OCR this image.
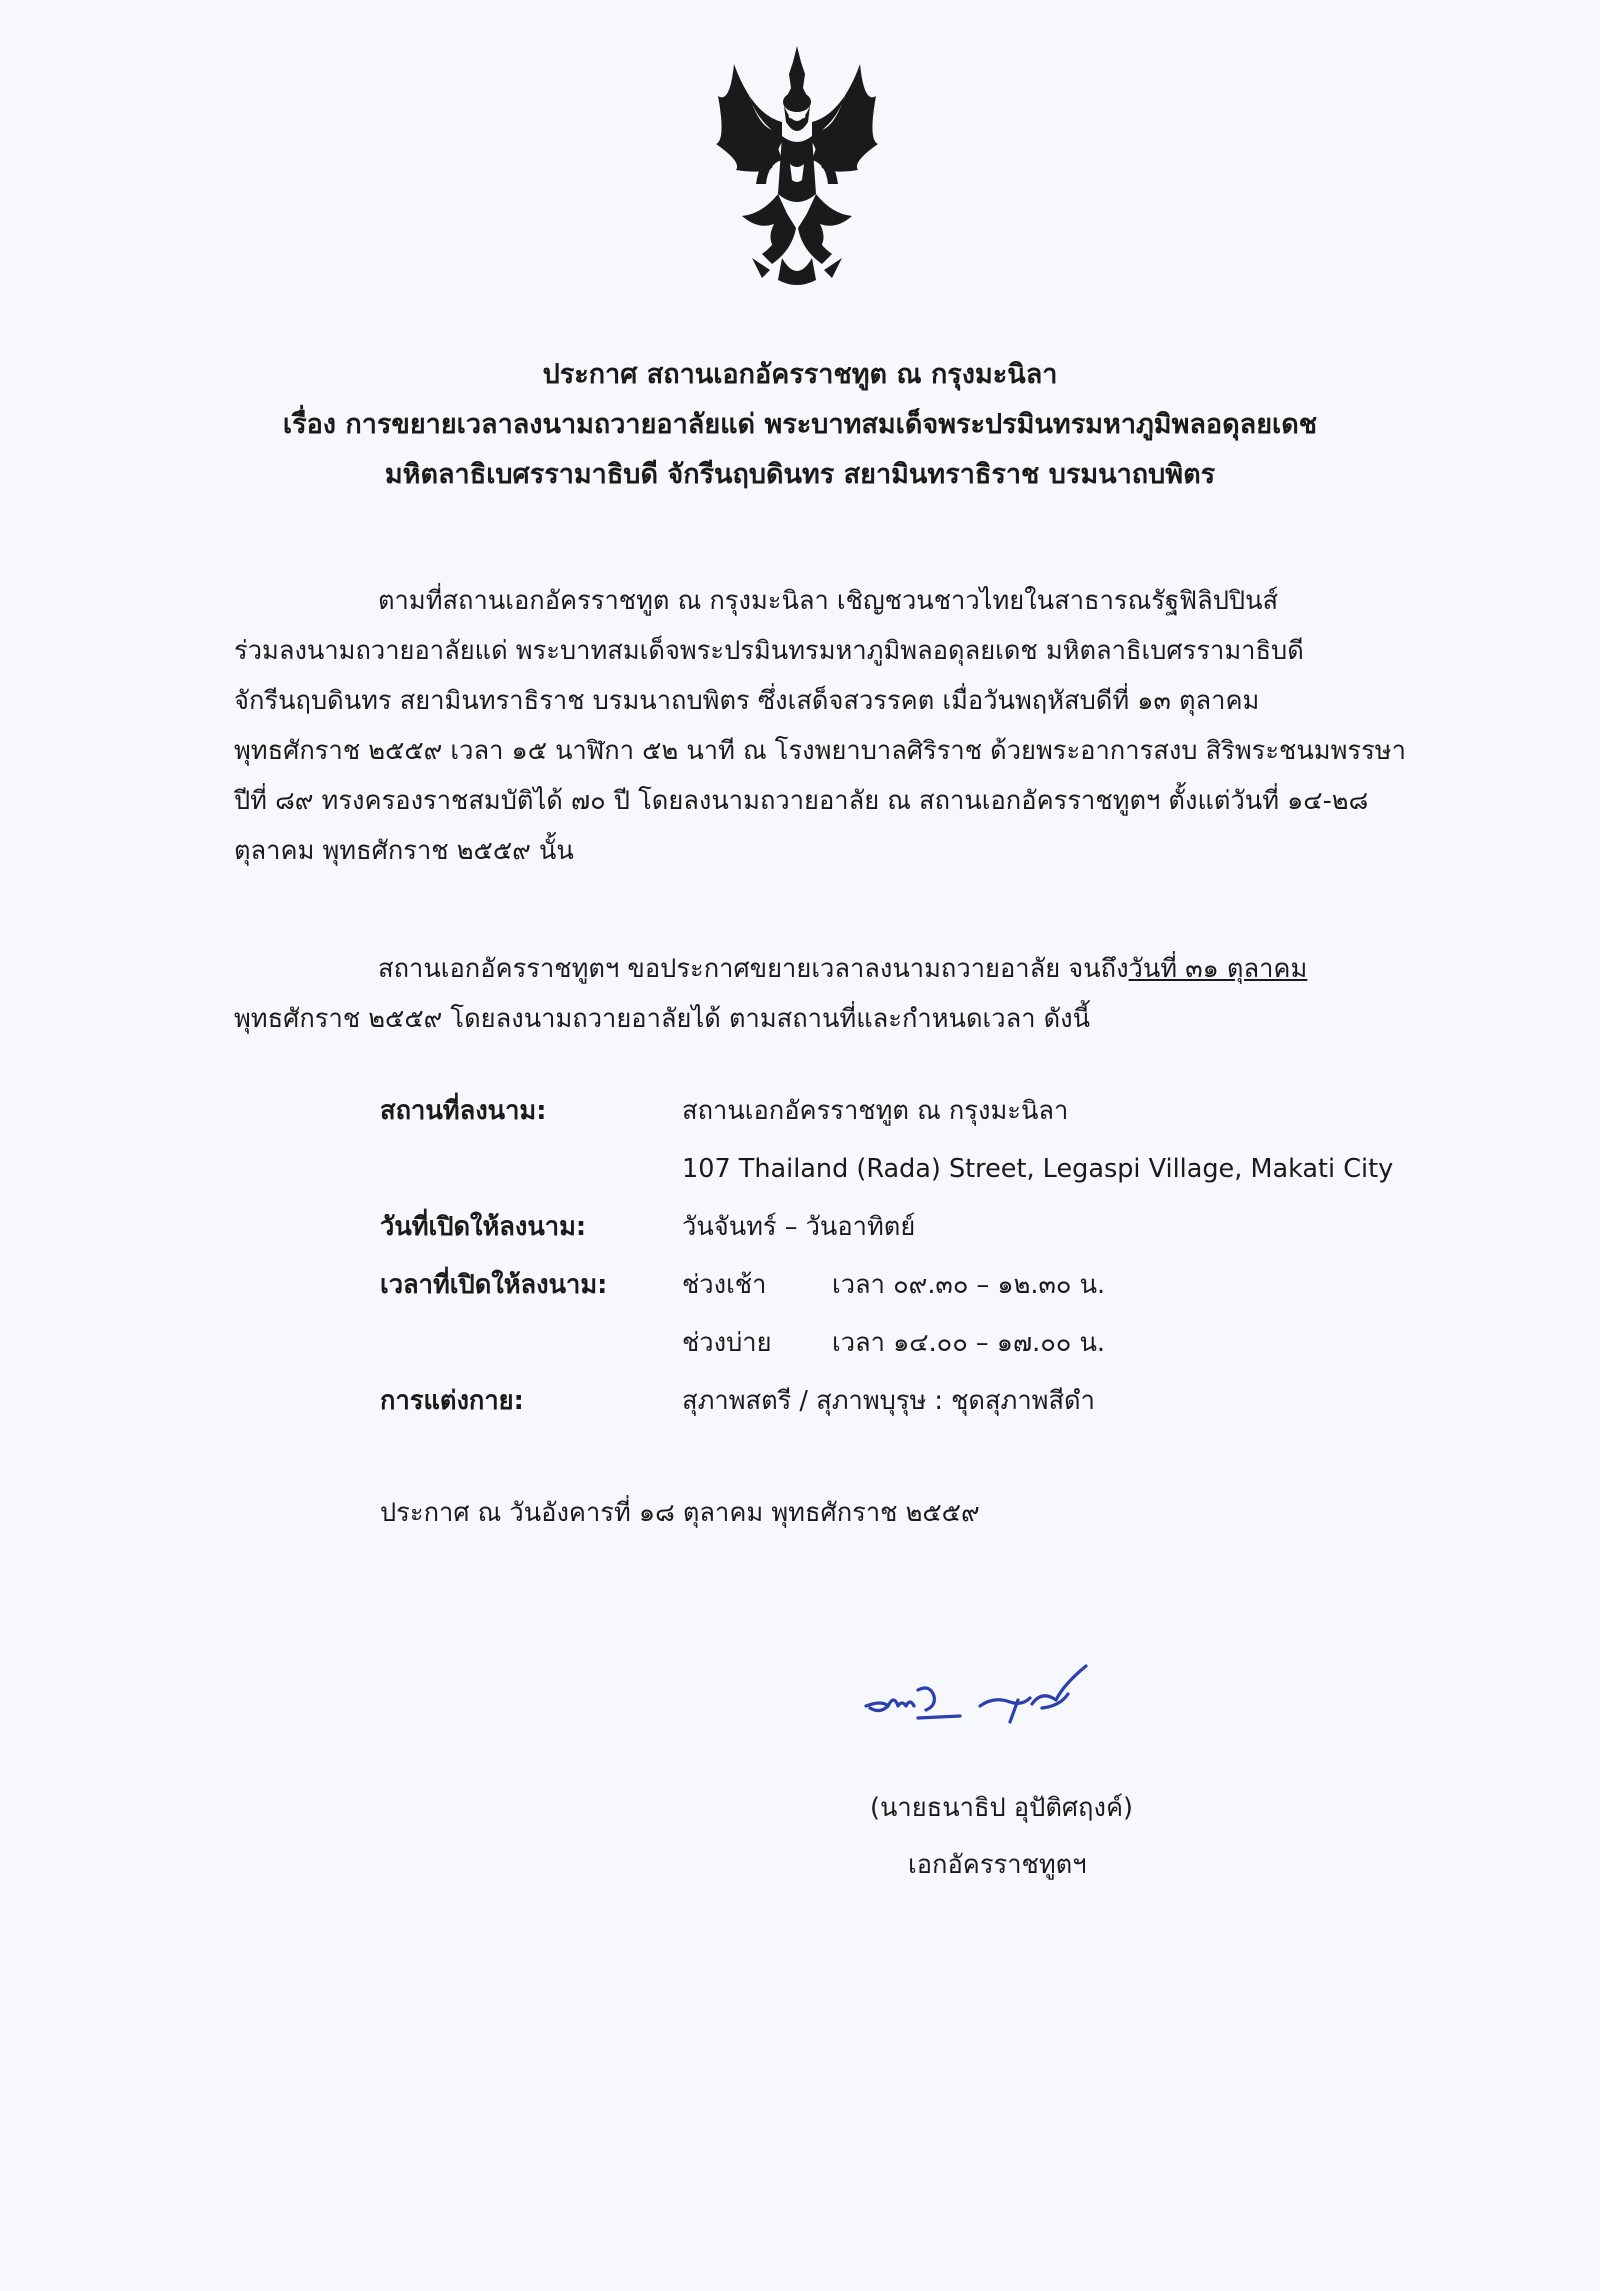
ประกาศ สถานเอกอัครราชทูต ณ กรุงมะนิลา
เรื่อง การขยายเวลาลงนามถวายอาลัยแด่ พระบาทสมเด็จพระปรมินทรมหาภูมิพลอดุลยเดช
มหิตลาธิเบศรรามาธิบดี จักรีนฤบดินทร สยามินทราธิราช บรมนาถบพิตร
ตามที่สถานเอกอัครราชทูต ณ กรุงมะนิลา เชิญชวนชาวไทยในสาธารณรัฐฟิลิปปินส์
ร่วมลงนามถวายอาลัยแด่ พระบาทสมเด็จพระปรมินทรมหาภูมิพลอดุลยเดช มหิตลาธิเบศรรามาธิบดี
จักรีนฤบดินทร สยามินทราธิราช บรมนาถบพิตร ซึ่งเสด็จสวรรคต เมื่อวันพฤหัสบดีที่ ๑๓ ตุลาคม
พุทธศักราช ๒๕๕๙ เวลา ๑๕ นาฬิกา ๕๒ นาที ณ โรงพยาบาลศิริราช ด้วยพระอาการสงบ สิริพระชนมพรรษา
ปีที่ ๘๙ ทรงครองราชสมบัติได้ ๗๐ ปี โดยลงนามถวายอาลัย ณ สถานเอกอัครราชทูตฯ ตั้งแต่วันที่ ๑๔-๒๘
ตุลาคม พุทธศักราช ๒๕๕๙ นั้น
สถานเอกอัครราชทูตฯ ขอประกาศขยายเวลาลงนามถวายอาลัย จนถึงวันที่ ๓๑ ตุลาคม
พุทธศักราช ๒๕๕๙ โดยลงนามถวายอาลัยได้ ตามสถานที่และกำหนดเวลา ดังนี้
สถานที่ลงนาม:	สถานเอกอัครราชทูต ณ กรุงมะนิลา
107 Thailand (Rada) Street, Legaspi Village, Makati City
วันที่เปิดให้ลงนาม:	วันจันทร์ – วันอาทิตย์
เวลาที่เปิดให้ลงนาม:	ช่วงเช้า	เวลา ๐๙.๓๐ – ๑๒.๓๐ น.
ช่วงบ่าย เวลา ๑๔.๐๐ – ๑๗.๐๐ น.
การแต่งกาย:	สุภาพสตรี / สุภาพบุรุษ : ชุดสุภาพสีดำ
ประกาศ ณ วันอังคารที่ ๑๘ ตุลาคม พุทธศักราช ๒๕๕๙
(นายธนาธิป อุปัติศฤงค์)
เอกอัครราชทูตฯ
